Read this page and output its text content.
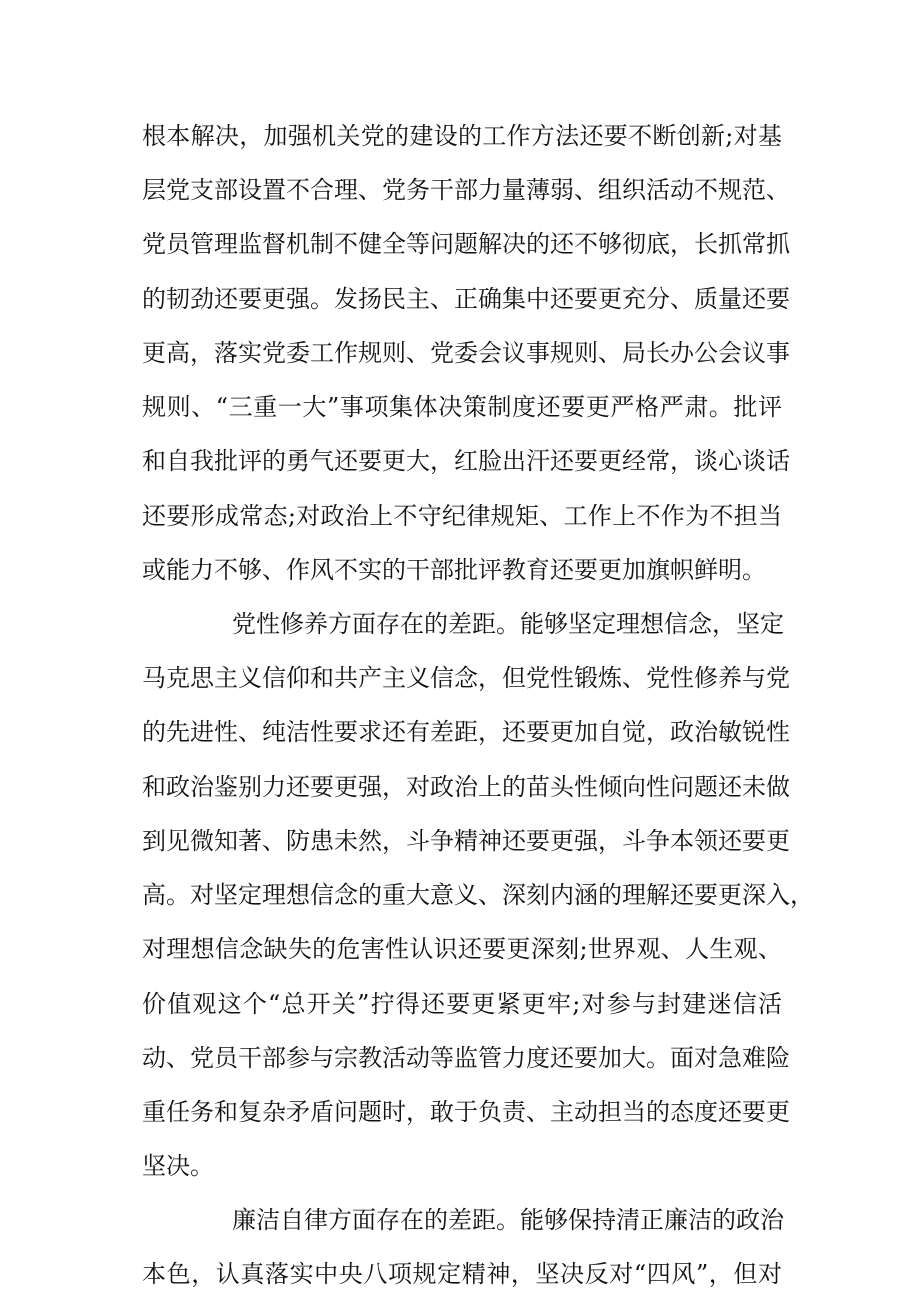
根本解决，加强机关党的建设的工作方法还要不断创新;对基
层党支部设置不合理、党务干部力量薄弱、组织活动不规范、
党员管理监督机制不健全等问题解决的还不够彻底，长抓常抓
的韧劲还要更强。发扬民主、正确集中还要更充分、质量还要
更高，落实党委工作规则、党委会议事规则、局长办公会议事
规则、“三重一大”事项集体决策制度还要更严格严肃。批评
和自我批评的勇气还要更大，红脸出汗还要更经常，谈心谈话
还要形成常态;对政治上不守纪律规矩、工作上不作为不担当
或能力不够、作风不实的干部批评教育还要更加旗帜鲜明。
党性修养方面存在的差距。能够坚定理想信念，坚定
马克思主义信仰和共产主义信念，但党性锻炼、党性修养与党
的先进性、纯洁性要求还有差距，还要更加自觉，政治敏锐性
和政治鉴别力还要更强，对政治上的苗头性倾向性问题还未做
到见微知著、防患未然，斗争精神还要更强，斗争本领还要更
高。对坚定理想信念的重大意义、深刻内涵的理解还要更深入，
对理想信念缺失的危害性认识还要更深刻;世界观、人生观、
价值观这个“总开关”拧得还要更紧更牢;对参与封建迷信活
动、党员干部参与宗教活动等监管力度还要加大。面对急难险
重任务和复杂矛盾问题时，敢于负责、主动担当的态度还要更
坚决。
廉洁自律方面存在的差距。能够保持清正廉洁的政治
本色，认真落实中央八项规定精神，坚决反对“四风”，但对
